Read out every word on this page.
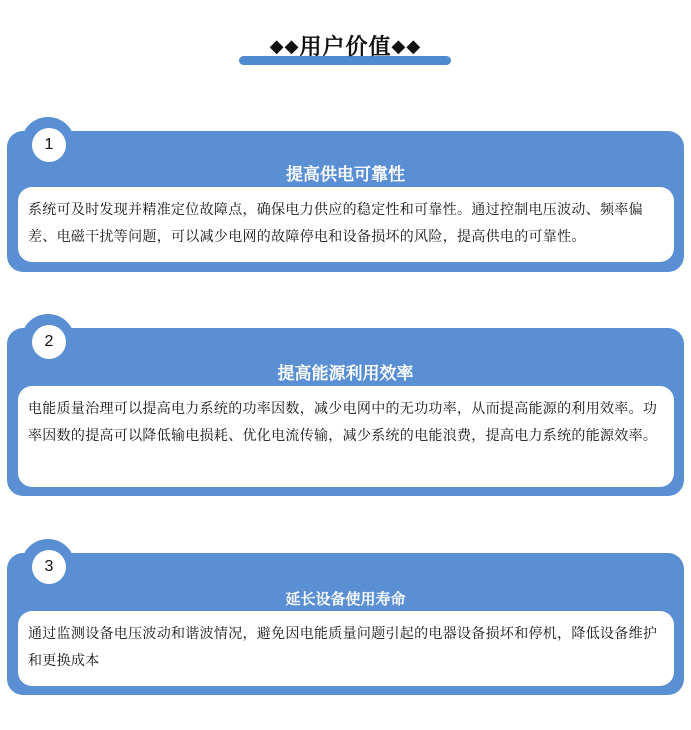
◆◆用户价值◆◆
1
提高供电可靠性
系统可及时发现并精准定位故障点，确保电力供应的稳定性和可靠性。通过控制电压波动、频率偏差、电磁干扰等问题，可以减少电网的故障停电和设备损坏的风险，提高供电的可靠性。
2
提高能源利用效率
电能质量治理可以提高电力系统的功率因数，减少电网中的无功功率，从而提高能源的利用效率。功率因数的提高可以降低输电损耗、优化电流传输，减少系统的电能浪费，提高电力系统的能源效率。
3
延长设备使用寿命
通过监测设备电压波动和谐波情况，避免因电能质量问题引起的电器设备损坏和停机，降低设备维护和更换成本
